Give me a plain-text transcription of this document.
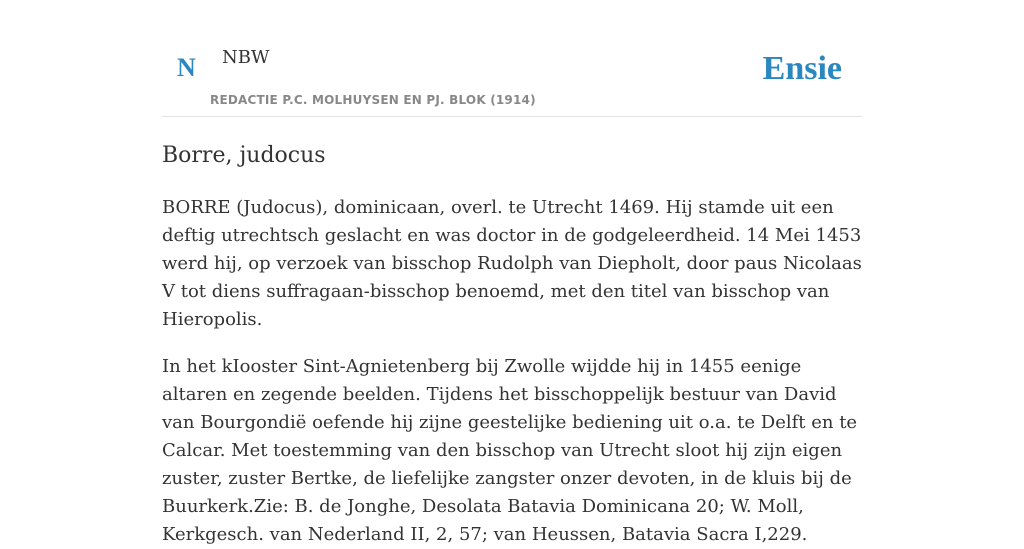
N NBW	Ensie
REDACTIE P.C. MOLHUYSEN EN PJ. BLOK (1914)
Borre, judocus

BORRE (Judocus), dominicaan, overl. te Utrecht 1469. Hij stamde uit een deftig utrechtsch geslacht en was doctor in de godgeleerdheid. 14 Mei 1453 werd hij, op verzoek van bisschop Rudolph van Diepholt, door paus Nicolaas V tot diens suffragaan-bisschop benoemd, met den titel van bisschop van Hieropolis.

In het kIooster Sint-Agnietenberg bij Zwolle wijdde hij in 1455 eenige altaren en zegende beelden. Tijdens het bisschoppelijk bestuur van David van Bourgondië oefende hij zijne geestelijke bediening uit o.a. te Delft en te Calcar. Met toestemming van den bisschop van Utrecht sloot hij zijn eigen zuster, zuster Bertke, de liefelijke zangster onzer devoten, in de kluis bij de Buurkerk.Zie: B. de Jonghe, Desolata Batavia Dominicana 20; W. Moll, Kerkgesch. van Nederland II, 2, 57; van Heussen, Batavia Sacra I,229.
